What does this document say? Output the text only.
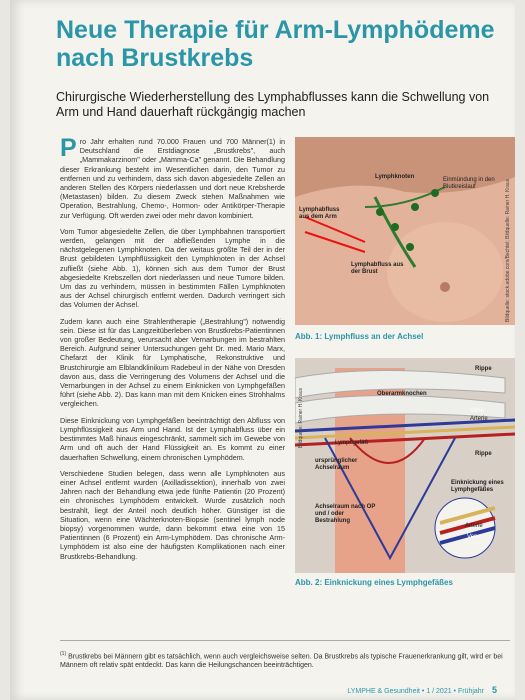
Neue Therapie für Arm-Lymphödeme nach Brustkrebs

Chirurgische Wiederherstellung des Lymphabflusses kann die Schwellung von Arm und Hand dauerhaft rückgängig machen

Pro Jahr erhalten rund 70.000 Frauen und 700 Männer(1) in Deutschland die Erstdiagnose „Brustkrebs", auch „Mammakarzinom" oder „Mamma-Ca" genannt. Die Behandlung dieser Erkrankung besteht im Wesentlichen darin, den Tumor zu entfernen und zu verhindern, dass sich davon abgesiedelte Zellen an anderen Stellen des Körpers niederlassen und dort neue Krebsherde (Metastasen) bilden. Zu diesem Zweck stehen Maßnahmen wie Operation, Bestrahlung, Chemo-, Hormon- oder Antikörper-Therapie zur Verfügung. Oft werden zwei oder mehr davon kombiniert.

Vom Tumor abgesiedelte Zellen, die über Lymphbahnen transportiert werden, gelangen mit der abfließenden Lymphe in die nächstgelegenen Lymphknoten. Da der weitaus größte Teil der in der Brust gebildeten Lymphflüssigkeit den Lymphknoten in der Achsel zufließt (siehe Abb. 1), können sich aus dem Tumor der Brust abgesiedelte Krebszellen dort niederlassen und neue Tumore bilden. Um das zu verhindern, müssen in bestimmten Fällen Lymphknoten aus der Achsel chirurgisch entfernt werden. Dadurch verringert sich das Volumen der Achsel.

Zudem kann auch eine Strahlentherapie („Bestrahlung") notwendig sein. Diese ist für das Langzeitüberleben von Brustkrebs-Patientinnen von großer Bedeutung, verursacht aber Vernarbungen im bestrahlten Bereich. Aufgrund seiner Untersuchungen geht Dr. med. Mario Marx, Chefarzt der Klinik für Lymphatische, Rekonstruktive und Brustchirurgie am Elblandklinikum Radebeul in der Nähe von Dresden davon aus, dass die Verringerung des Volumens der Achsel und die Vernarbungen in der Achsel zu einem Einknicken von Lymphgefäßen führt (siehe Abb. 2). Das kann man mit dem Knicken eines Strohhalms vergleichen.

Diese Einknickung von Lymphgefäßen beeinträchtigt den Abfluss von Lymphflüssigkeit aus Arm und Hand. Ist der Lymphabfluss über ein bestimmtes Maß hinaus eingeschränkt, sammelt sich im Gewebe von Arm und oft auch der Hand Flüssigkeit an. Es kommt zu einer dauerhaften Schwellung, einem chronischen Lymphödem.

Verschiedene Studien belegen, dass wenn alle Lymphknoten aus einer Achsel entfernt wurden (Axilladissektion), innerhalb von zwei Jahren nach der Behandlung etwa jede fünfte Patientin (20 Prozent) ein chronisches Lymphödem entwickelt. Wurde zusätzlich noch bestrahlt, liegt der Anteil noch deutlich höher. Günstiger ist die Situation, wenn eine Wächterknoten-Biopsie (sentinel lymph node biopsy) vorgenommen wurde, dann bekommt etwa eine von 15 Patientinnen (6 Prozent) ein Arm-Lymphödem. Das chronische Arm-Lymphödem ist also eine der häufigsten Komplikationen nach einer Brustkrebs-Behandlung.

Lymphknoten
Lymphabfluss aus dem Arm
Einmündung in den Blutkreislauf
Lymphabfluss aus der Brust	Bildquelle: stock.adobe.com/Bechtel; Bildquelle: Rainer H. Kraus
Abb. 1: Lymphfluss an der Achsel
Rippe
Oberarmknochen
Vene
Arterie
Lymphgefäß
Rippe
ursprünglicher Achselraum
Achselraum nach OP und / oder Bestrahlung
Einknickung eines Lymphgefäßes
Arterie
Vene
Bildquelle: Rainer H. Kraus
Abb. 2: Einknickung eines Lymphgefäßes
$^{(1)}$ Brustkrebs bei Männern gibt es tatsächlich, wenn auch vergleichsweise selten. Da Brustkrebs als typische Frauenerkrankung gilt, wird er bei Männern oft relativ spät entdeckt. Das kann die Heilungschancen beeinträchtigen.
LYMPHE & Gesundheit • 1 / 2021 • Frühjahr 5
